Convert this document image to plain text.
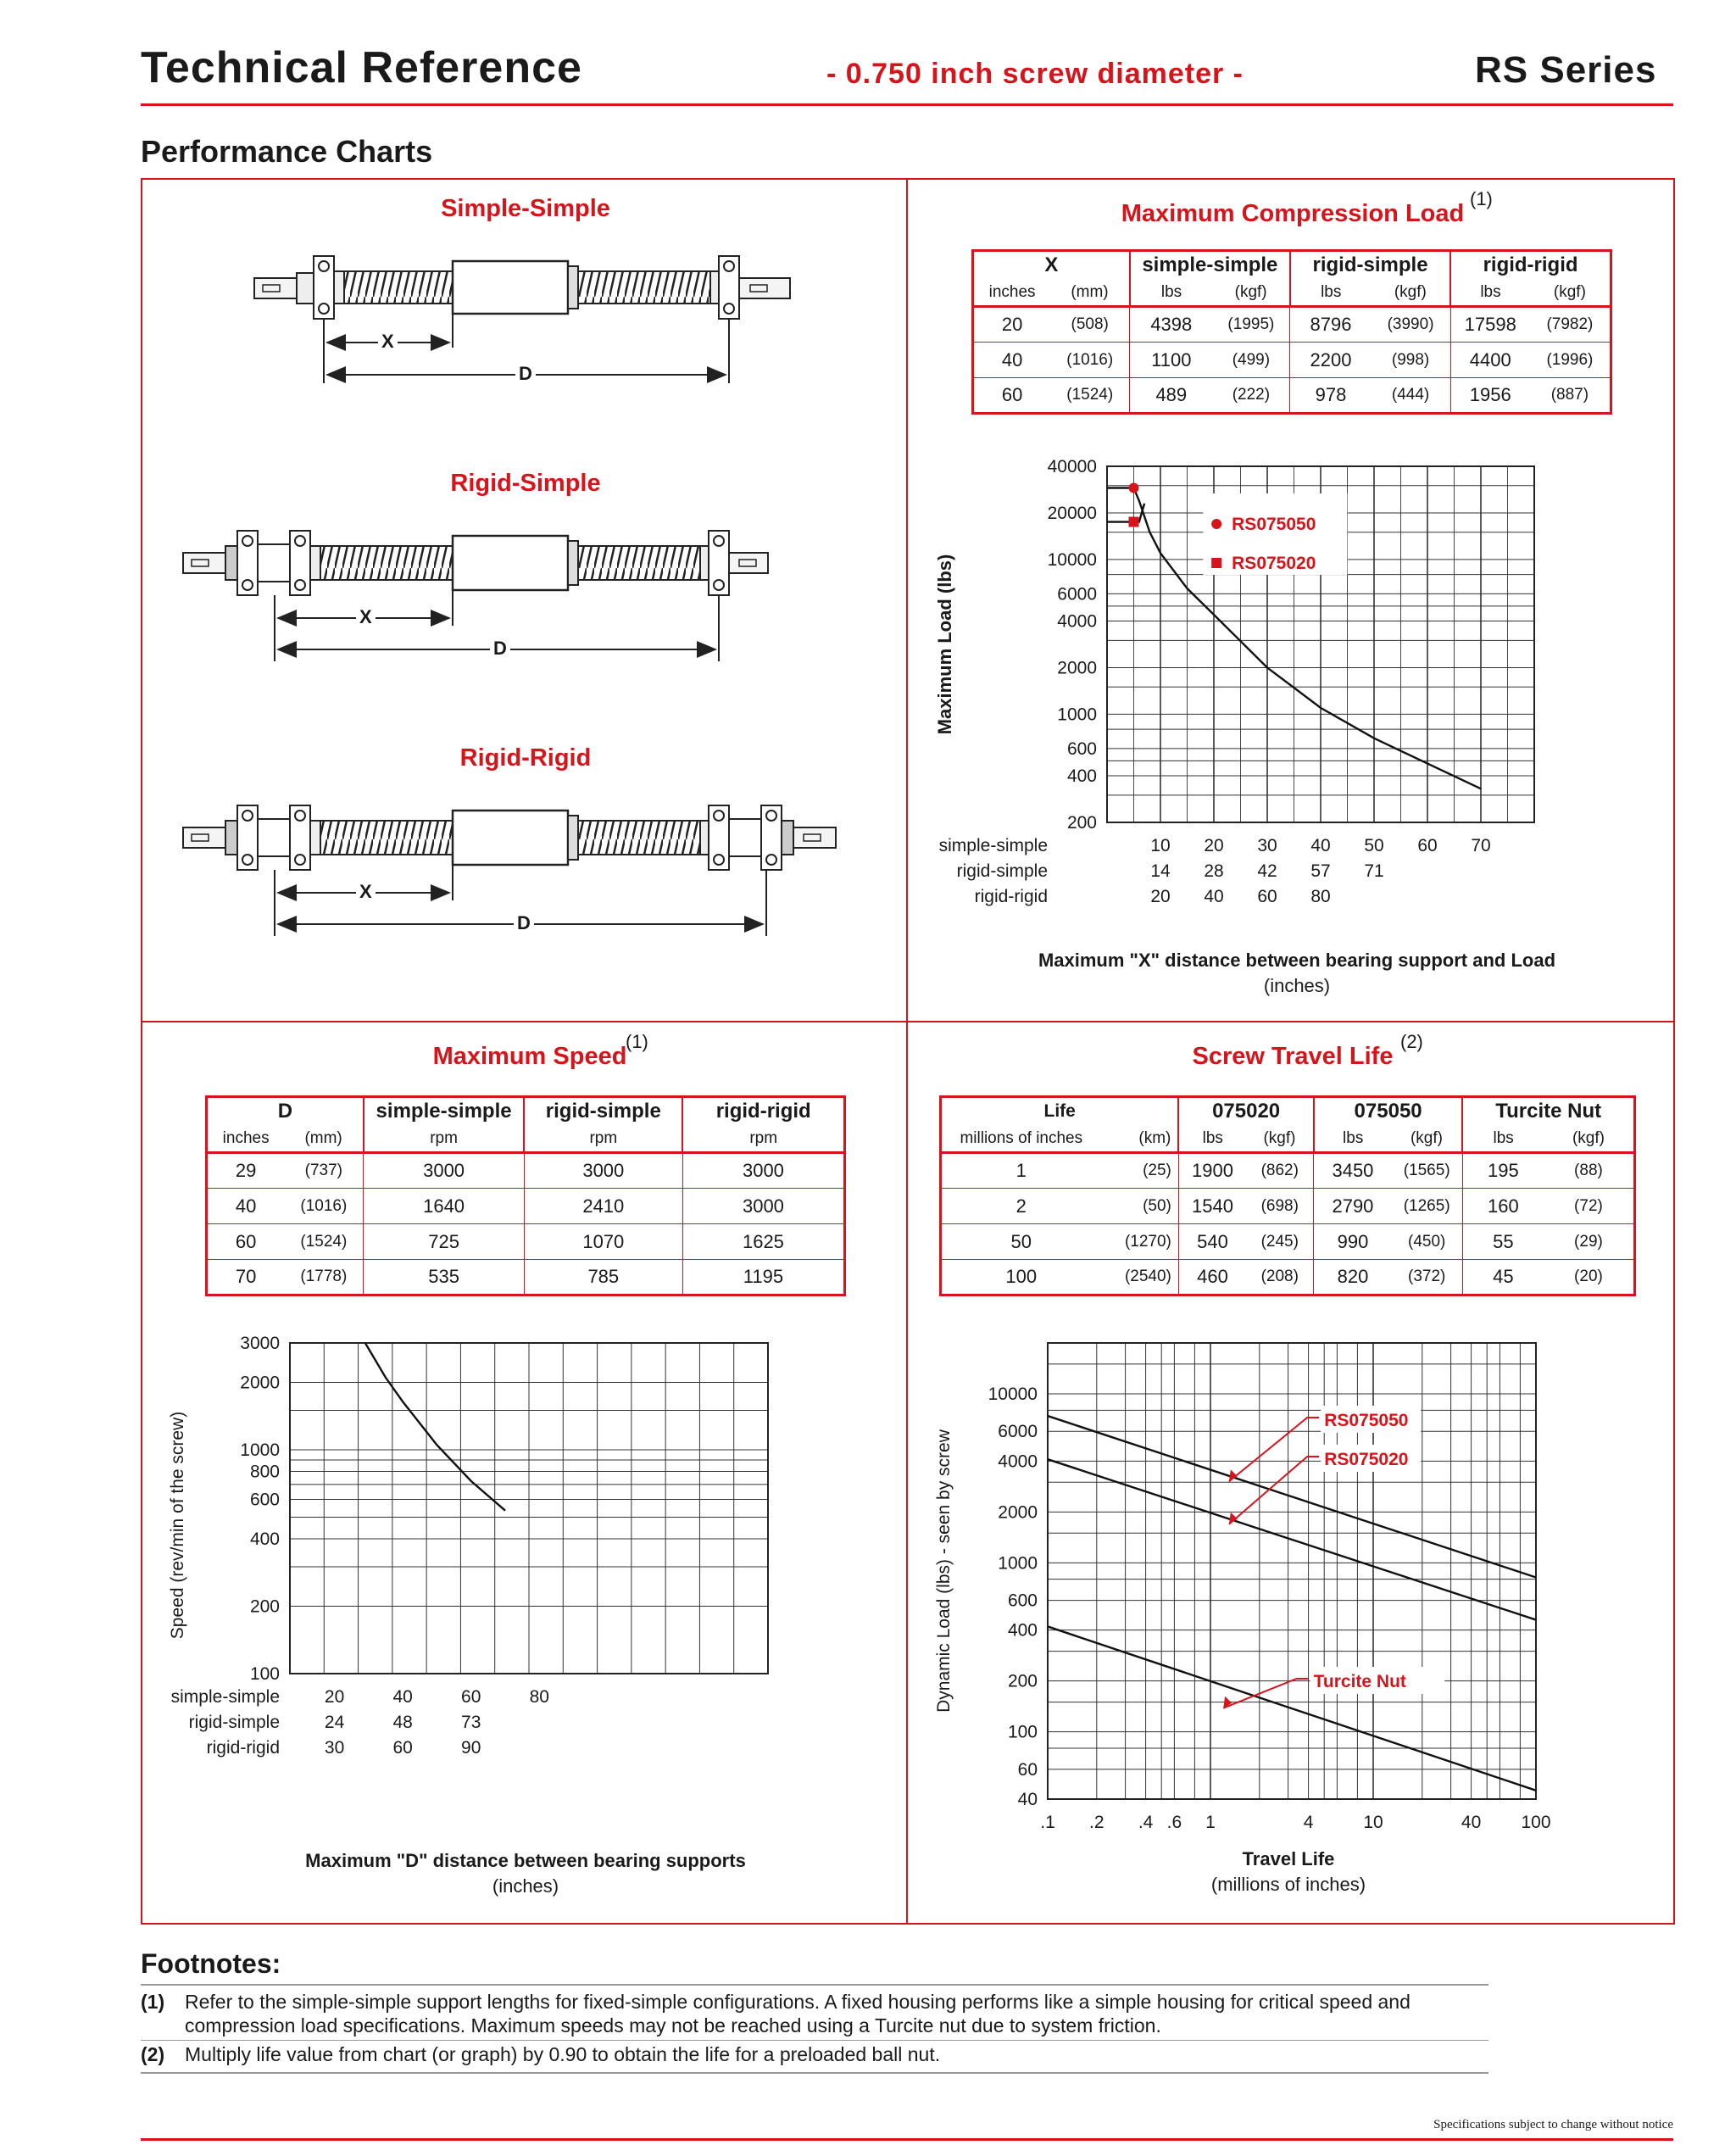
Technical Reference	- 0.750 inch screw diameter -	RS Series
Performance Charts
Simple-Simple
Rigid-Simple
Rigid-Rigid
X
D
X
D
X
D
Maximum Compression Load
(1)
X		simple-simple		rigid-simple		rigid-rigid	
inches	(mm)	lbs	(kgf)	lbs	(kgf)	lbs	(kgf)
20	(508)	4398	(1995)	8796	(3990)	17598	(7982)
40	(1016)	1100	(499)	2200	(998)	4400	(1996)
60	(1524)	489	(222)	978	(444)	1956	(887)
40000
20000
10000
6000
4000
2000
1000
600
400
200
simple-simple	10 20 30 40 50 60 70
rigid-simple	14 28 42 57 71
rigid-rigid	20 40 60 80
Maximum Load (lbs)
RS075050
RS075020
Maximum "X" distance between bearing support and Load
(inches)
Maximum Speed
(1)
D		simple-simple	rigid-simple	rigid-rigid
inches	(mm)	rpm	rpm	rpm
29	(737)	3000	3000	3000
40	(1016)	1640	2410	3000
60	(1524)	725	1070	1625
70	(1778)	535	785	1195
3000
2000
1000
800
600
400
200
100
simple-simple	20	40	60	80
rigid-simple	24	48	73
rigid-rigid	30	60	90
Speed (rev/min of the screw)
Maximum "D" distance between bearing supports
(inches)
Screw Travel Life
(2)
Life		075020		075050		Turcite Nut	
millions of inches	(km)	lbs	(kgf)	lbs	(kgf)	lbs	(kgf)
1	(25)	1900	(862)	3450	(1565)	195	(88)
2	(50)	1540	(698)	2790	(1265)	160	(72)
50	(1270)	540	(245)	990	(450)	55	(29)
100	(2540)	460	(208)	820	(372)	45	(20)
10000
6000
4000
2000
1000
600
400
200
100
60
40
.1 .2 .4 .6 1	4	10	40 100
Dynamic Load (lbs) - seen by screw
RS075050
RS075020
Turcite Nut
Travel Life
(millions of inches)
Footnotes:
(1) Refer to the simple-simple support lengths for fixed-simple configurations. A fixed housing performs like a simple housing for critical speed and
compression load specifications. Maximum speeds may not be reached using a Turcite nut due to system friction.
(2) Multiply life value from chart (or graph) by 0.90 to obtain the life for a preloaded ball nut.
Specifications subject to change without notice
